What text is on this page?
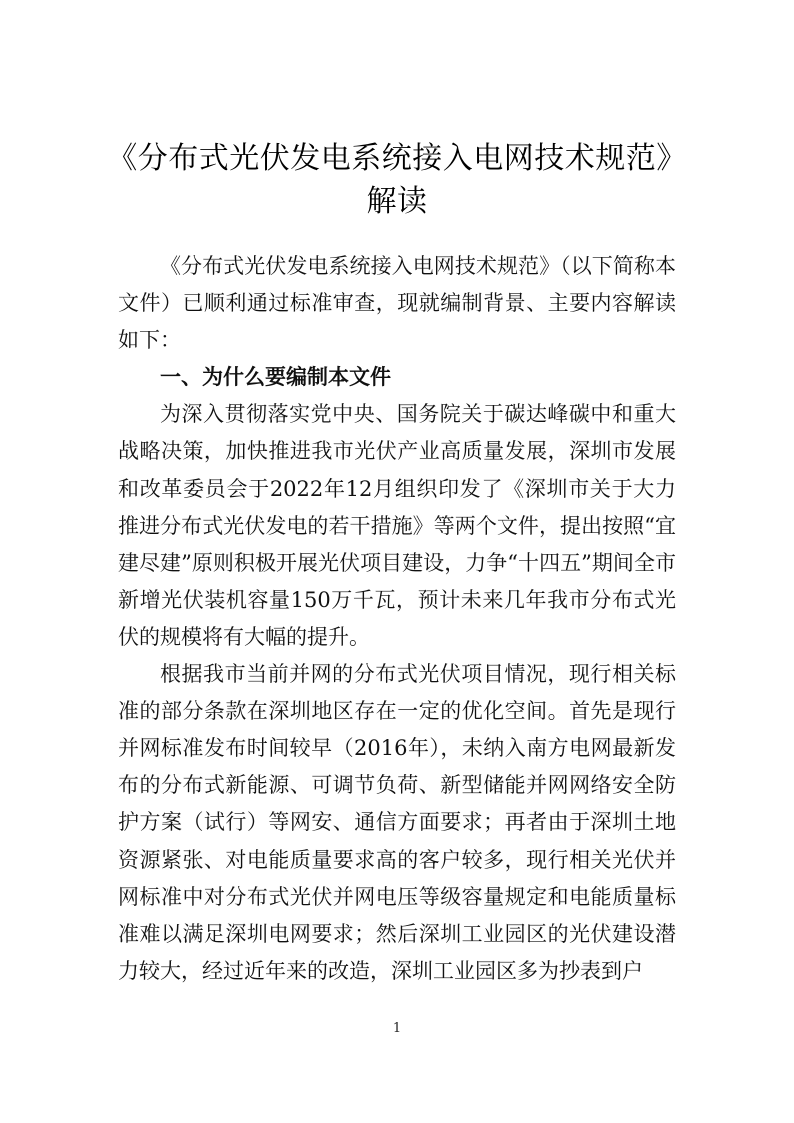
《分布式光伏发电系统接入电网技术规范》
解读

《分布式光伏发电系统接入电网技术规范》（以下简称本文件）已顺利通过标准审查，现就编制背景、主要内容解读如下：

一、为什么要编制本文件

为深入贯彻落实党中央、国务院关于碳达峰碳中和重大战略决策，加快推进我市光伏产业高质量发展，深圳市发展和改革委员会于2022年12月组织印发了《深圳市关于大力推进分布式光伏发电的若干措施》等两个文件，提出按照“宜建尽建”原则积极开展光伏项目建设，力争“十四五”期间全市新增光伏装机容量150万千瓦，预计未来几年我市分布式光伏的规模将有大幅的提升。

根据我市当前并网的分布式光伏项目情况，现行相关标准的部分条款在深圳地区存在一定的优化空间。首先是现行并网标准发布时间较早（2016年），未纳入南方电网最新发布的分布式新能源、可调节负荷、新型储能并网网络安全防护方案（试行）等网安、通信方面要求；再者由于深圳土地资源紧张、对电能质量要求高的客户较多，现行相关光伏并网标准中对分布式光伏并网电压等级容量规定和电能质量标准难以满足深圳电网要求；然后深圳工业园区的光伏建设潜力较大，经过近年来的改造，深圳工业园区多为抄表到户

1
